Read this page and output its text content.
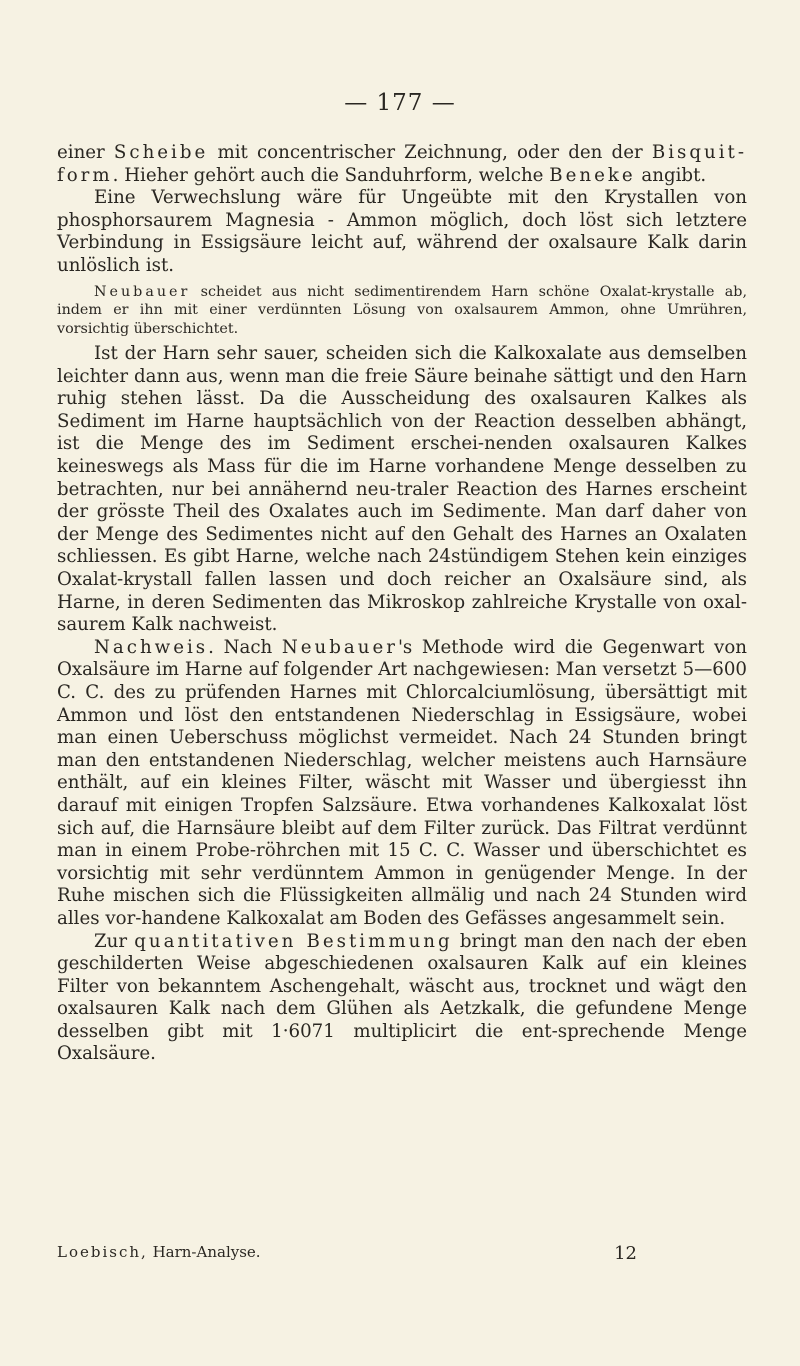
— 177 —
einer Scheibe mit concentrischer Zeichnung, oder den der Bisquit-form. Hieher gehört auch die Sanduhrform, welche Beneke angibt.
Eine Verwechslung wäre für Ungeübte mit den Krystallen von phosphorsaurem Magnesia - Ammon möglich, doch löst sich letztere Verbindung in Essigsäure leicht auf, während der oxalsaure Kalk darin unlöslich ist.
Neubauer scheidet aus nicht sedimentirendem Harn schöne Oxalat-krystalle ab, indem er ihn mit einer verdünnten Lösung von oxalsaurem Ammon, ohne Umrühren, vorsichtig überschichtet.
Ist der Harn sehr sauer, scheiden sich die Kalkoxalate aus demselben leichter dann aus, wenn man die freie Säure beinahe sättigt und den Harn ruhig stehen lässt. Da die Ausscheidung des oxalsauren Kalkes als Sediment im Harne hauptsächlich von der Reaction desselben abhängt, ist die Menge des im Sediment erschei-nenden oxalsauren Kalkes keineswegs als Mass für die im Harne vorhandene Menge desselben zu betrachten, nur bei annähernd neu-traler Reaction des Harnes erscheint der grösste Theil des Oxalates auch im Sedimente. Man darf daher von der Menge des Sedimentes nicht auf den Gehalt des Harnes an Oxalaten schliessen. Es gibt Harne, welche nach 24stündigem Stehen kein einziges Oxalat-krystall fallen lassen und doch reicher an Oxalsäure sind, als Harne, in deren Sedimenten das Mikroskop zahlreiche Krystalle von oxal-saurem Kalk nachweist.
Nachweis. Nach Neubauer's Methode wird die Gegenwart von Oxalsäure im Harne auf folgender Art nachgewiesen: Man versetzt 5—600 C. C. des zu prüfenden Harnes mit Chlorcalciumlösung, übersättigt mit Ammon und löst den entstandenen Niederschlag in Essigsäure, wobei man einen Ueberschuss möglichst vermeidet. Nach 24 Stunden bringt man den entstandenen Niederschlag, welcher meistens auch Harnsäure enthält, auf ein kleines Filter, wäscht mit Wasser und übergiesst ihn darauf mit einigen Tropfen Salzsäure. Etwa vorhandenes Kalkoxalat löst sich auf, die Harnsäure bleibt auf dem Filter zurück. Das Filtrat verdünnt man in einem Probe-röhrchen mit 15 C. C. Wasser und überschichtet es vorsichtig mit sehr verdünntem Ammon in genügender Menge. In der Ruhe mischen sich die Flüssigkeiten allmälig und nach 24 Stunden wird alles vor-handene Kalkoxalat am Boden des Gefässes angesammelt sein.
Zur quantitativen Bestimmung bringt man den nach der eben geschilderten Weise abgeschiedenen oxalsauren Kalk auf ein kleines Filter von bekanntem Aschengehalt, wäscht aus, trocknet und wägt den oxalsauren Kalk nach dem Glühen als Aetzkalk, die gefundene Menge desselben gibt mit 1·6071 multiplicirt die ent-sprechende Menge Oxalsäure.
Loebisch, Harn-Analyse.	12
